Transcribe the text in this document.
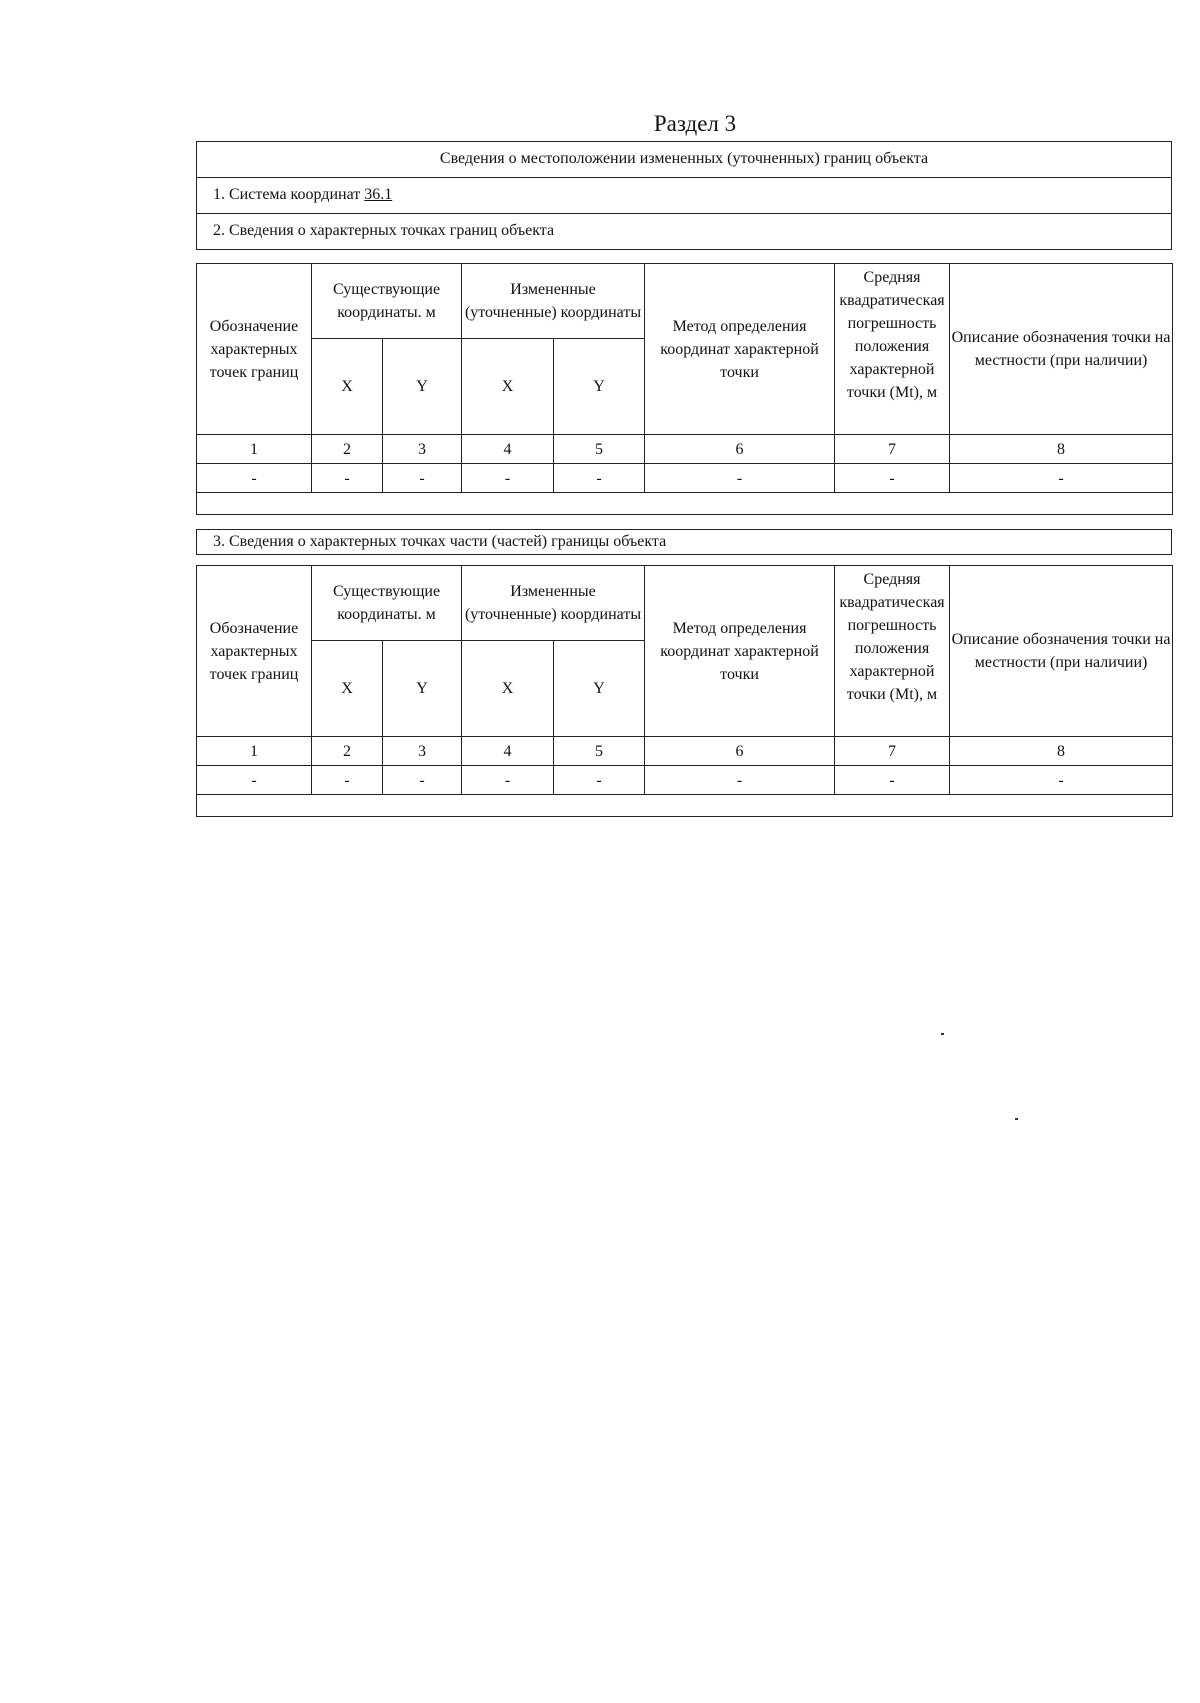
Раздел 3
Сведения о местоположении измененных (уточненных) границ объекта
1. Система координат 36.1
2. Сведения о характерных точках границ объекта
Обозначение характерных точек границ	Существующие координаты. м		Измененные (уточненные) координаты		Метод определения координат характерной точки	Средняя квадратическая погрешность положения характерной точки (Mt), м	Описание обозначения точки на местности (при наличии)
	X	Y	X	Y			
1	2	3	4	5	6	7	8
-	-	-	-	-	-	-	-

3. Сведения о характерных точках части (частей) границы объекта
Обозначение характерных точек границ	Существующие координаты. м		Измененные (уточненные) координаты		Метод определения координат характерной точки	Средняя квадратическая погрешность положения характерной точки (Mt), м	Описание обозначения точки на местности (при наличии)
	X	Y	X	Y			
1	2	3	4	5	6	7	8
-	-	-	-	-	-	-	-
